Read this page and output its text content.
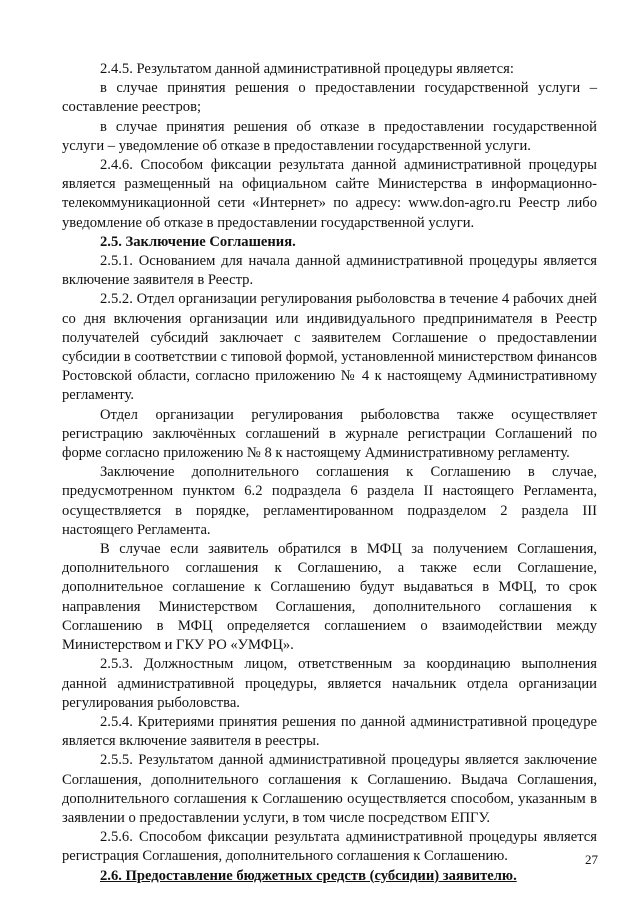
2.4.5. Результатом данной административной процедуры является:

в случае принятия решения о предоставлении государственной услуги – составление реестров;

в случае принятия решения об отказе в предоставлении государственной услуги – уведомление об отказе в предоставлении государственной услуги.

2.4.6. Способом фиксации результата данной административной процедуры является размещенный на официальном сайте Министерства в информационно-телекоммуникационной сети «Интернет» по адресу: www.don-agro.ru Реестр либо уведомление об отказе в предоставлении государственной услуги.

2.5. Заключение Соглашения.

2.5.1. Основанием для начала данной административной процедуры является включение заявителя в Реестр.

2.5.2. Отдел организации регулирования рыболовства в течение 4 рабочих дней со дня включения организации или индивидуального предпринимателя в Реестр получателей субсидий заключает с заявителем Соглашение о предоставлении субсидии в соответствии с типовой формой, установленной министерством финансов Ростовской области, согласно приложению № 4 к настоящему Административному регламенту.

Отдел организации регулирования рыболовства также осуществляет регистрацию заключённых соглашений в журнале регистрации Соглашений по форме согласно приложению № 8 к настоящему Административному регламенту.

Заключение дополнительного соглашения к Соглашению в случае, предусмотренном пунктом 6.2 подраздела 6 раздела II настоящего Регламента, осуществляется в порядке, регламентированном подразделом 2 раздела III настоящего Регламента.

В случае если заявитель обратился в МФЦ за получением Соглашения, дополнительного соглашения к Соглашению, а также если Соглашение, дополнительное соглашение к Соглашению будут выдаваться в МФЦ, то срок направления Министерством Соглашения, дополнительного соглашения к Соглашению в МФЦ определяется соглашением о взаимодействии между Министерством и ГКУ РО «УМФЦ».

2.5.3. Должностным лицом, ответственным за координацию выполнения данной административной процедуры, является начальник отдела организации регулирования рыболовства.

2.5.4. Критериями принятия решения по данной административной процедуре является включение заявителя в реестры.

2.5.5. Результатом данной административной процедуры является заключение Соглашения, дополнительного соглашения к Соглашению. Выдача Соглашения, дополнительного соглашения к Соглашению осуществляется способом, указанным в заявлении о предоставлении услуги, в том числе посредством ЕПГУ.

2.5.6. Способом фиксации результата административной процедуры является регистрация Соглашения, дополнительного соглашения к Соглашению.

2.6. Предоставление бюджетных средств (субсидии) заявителю.

27
